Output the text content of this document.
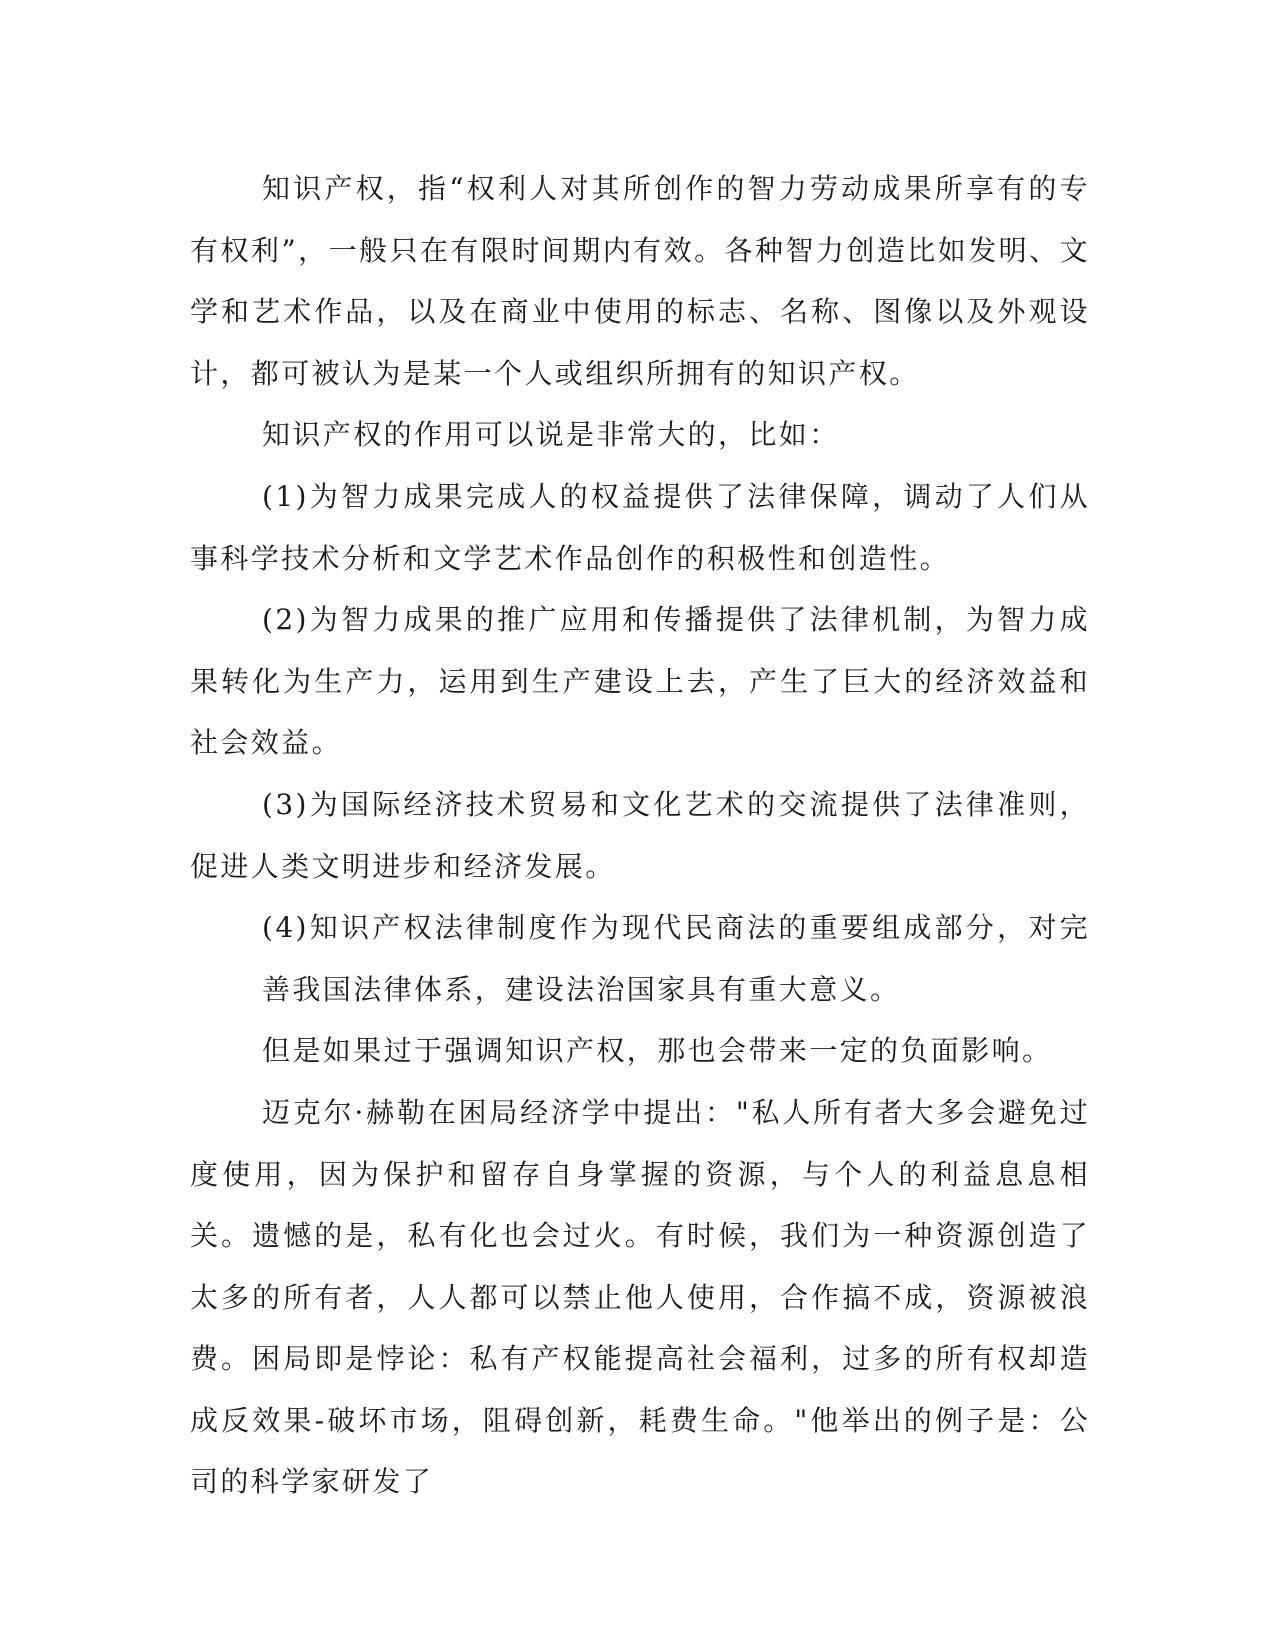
知识产权，指“权利人对其所创作的智力劳动成果所享有的专有权利”，一般只在有限时间期内有效。各种智力创造比如发明、文学和艺术作品，以及在商业中使用的标志、名称、图像以及外观设计，都可被认为是某一个人或组织所拥有的知识产权。

知识产权的作用可以说是非常大的，比如：

(1)为智力成果完成人的权益提供了法律保障，调动了人们从事科学技术分析和文学艺术作品创作的积极性和创造性。

(2)为智力成果的推广应用和传播提供了法律机制，为智力成果转化为生产力，运用到生产建设上去，产生了巨大的经济效益和社会效益。

(3)为国际经济技术贸易和文化艺术的交流提供了法律准则，促进人类文明进步和经济发展。

(4)知识产权法律制度作为现代民商法的重要组成部分，对完善我国法律体系，建设法治国家具有重大意义。

但是如果过于强调知识产权，那也会带来一定的负面影响。

迈克尔·赫勒在困局经济学中提出："私人所有者大多会避免过度使用，因为保护和留存自身掌握的资源，与个人的利益息息相关。遗憾的是，私有化也会过火。有时候，我们为一种资源创造了太多的所有者，人人都可以禁止他人使用，合作搞不成，资源被浪费。困局即是悖论：私有产权能提高社会福利，过多的所有权却造成反效果-破坏市场，阻碍创新，耗费生命。"他举出的例子是：公司的科学家研发了
